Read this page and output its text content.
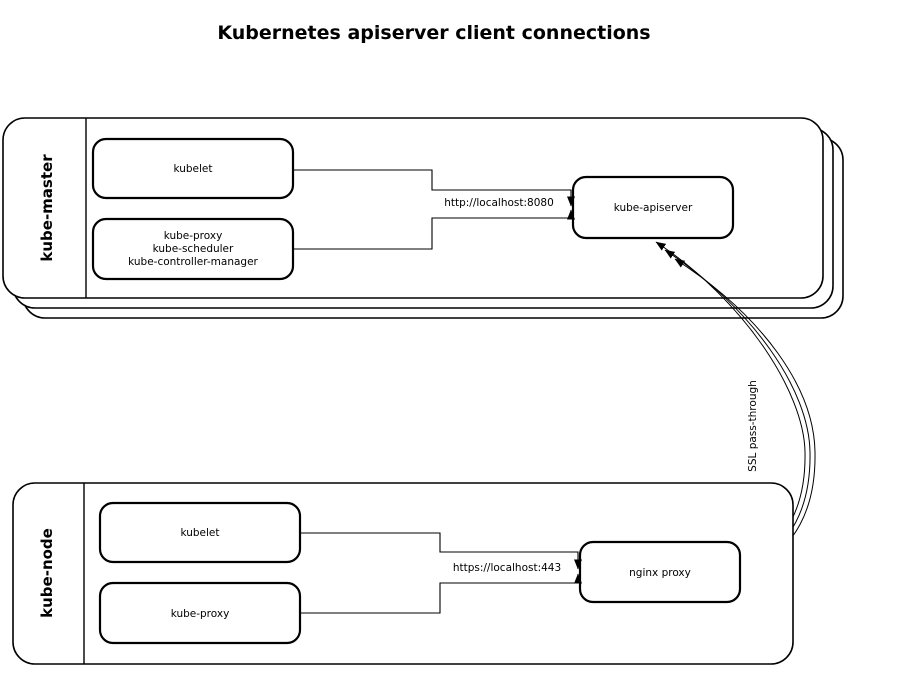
Kubernetes apiserver client connections
kube-master	kubelet
kube-proxy
kube-scheduler
kube-controller-manager
kube-apiserver
http://localhost:8080
SSL pass-through
kube-node	kubelet
kube-proxy
nginx proxy
https://localhost:443
